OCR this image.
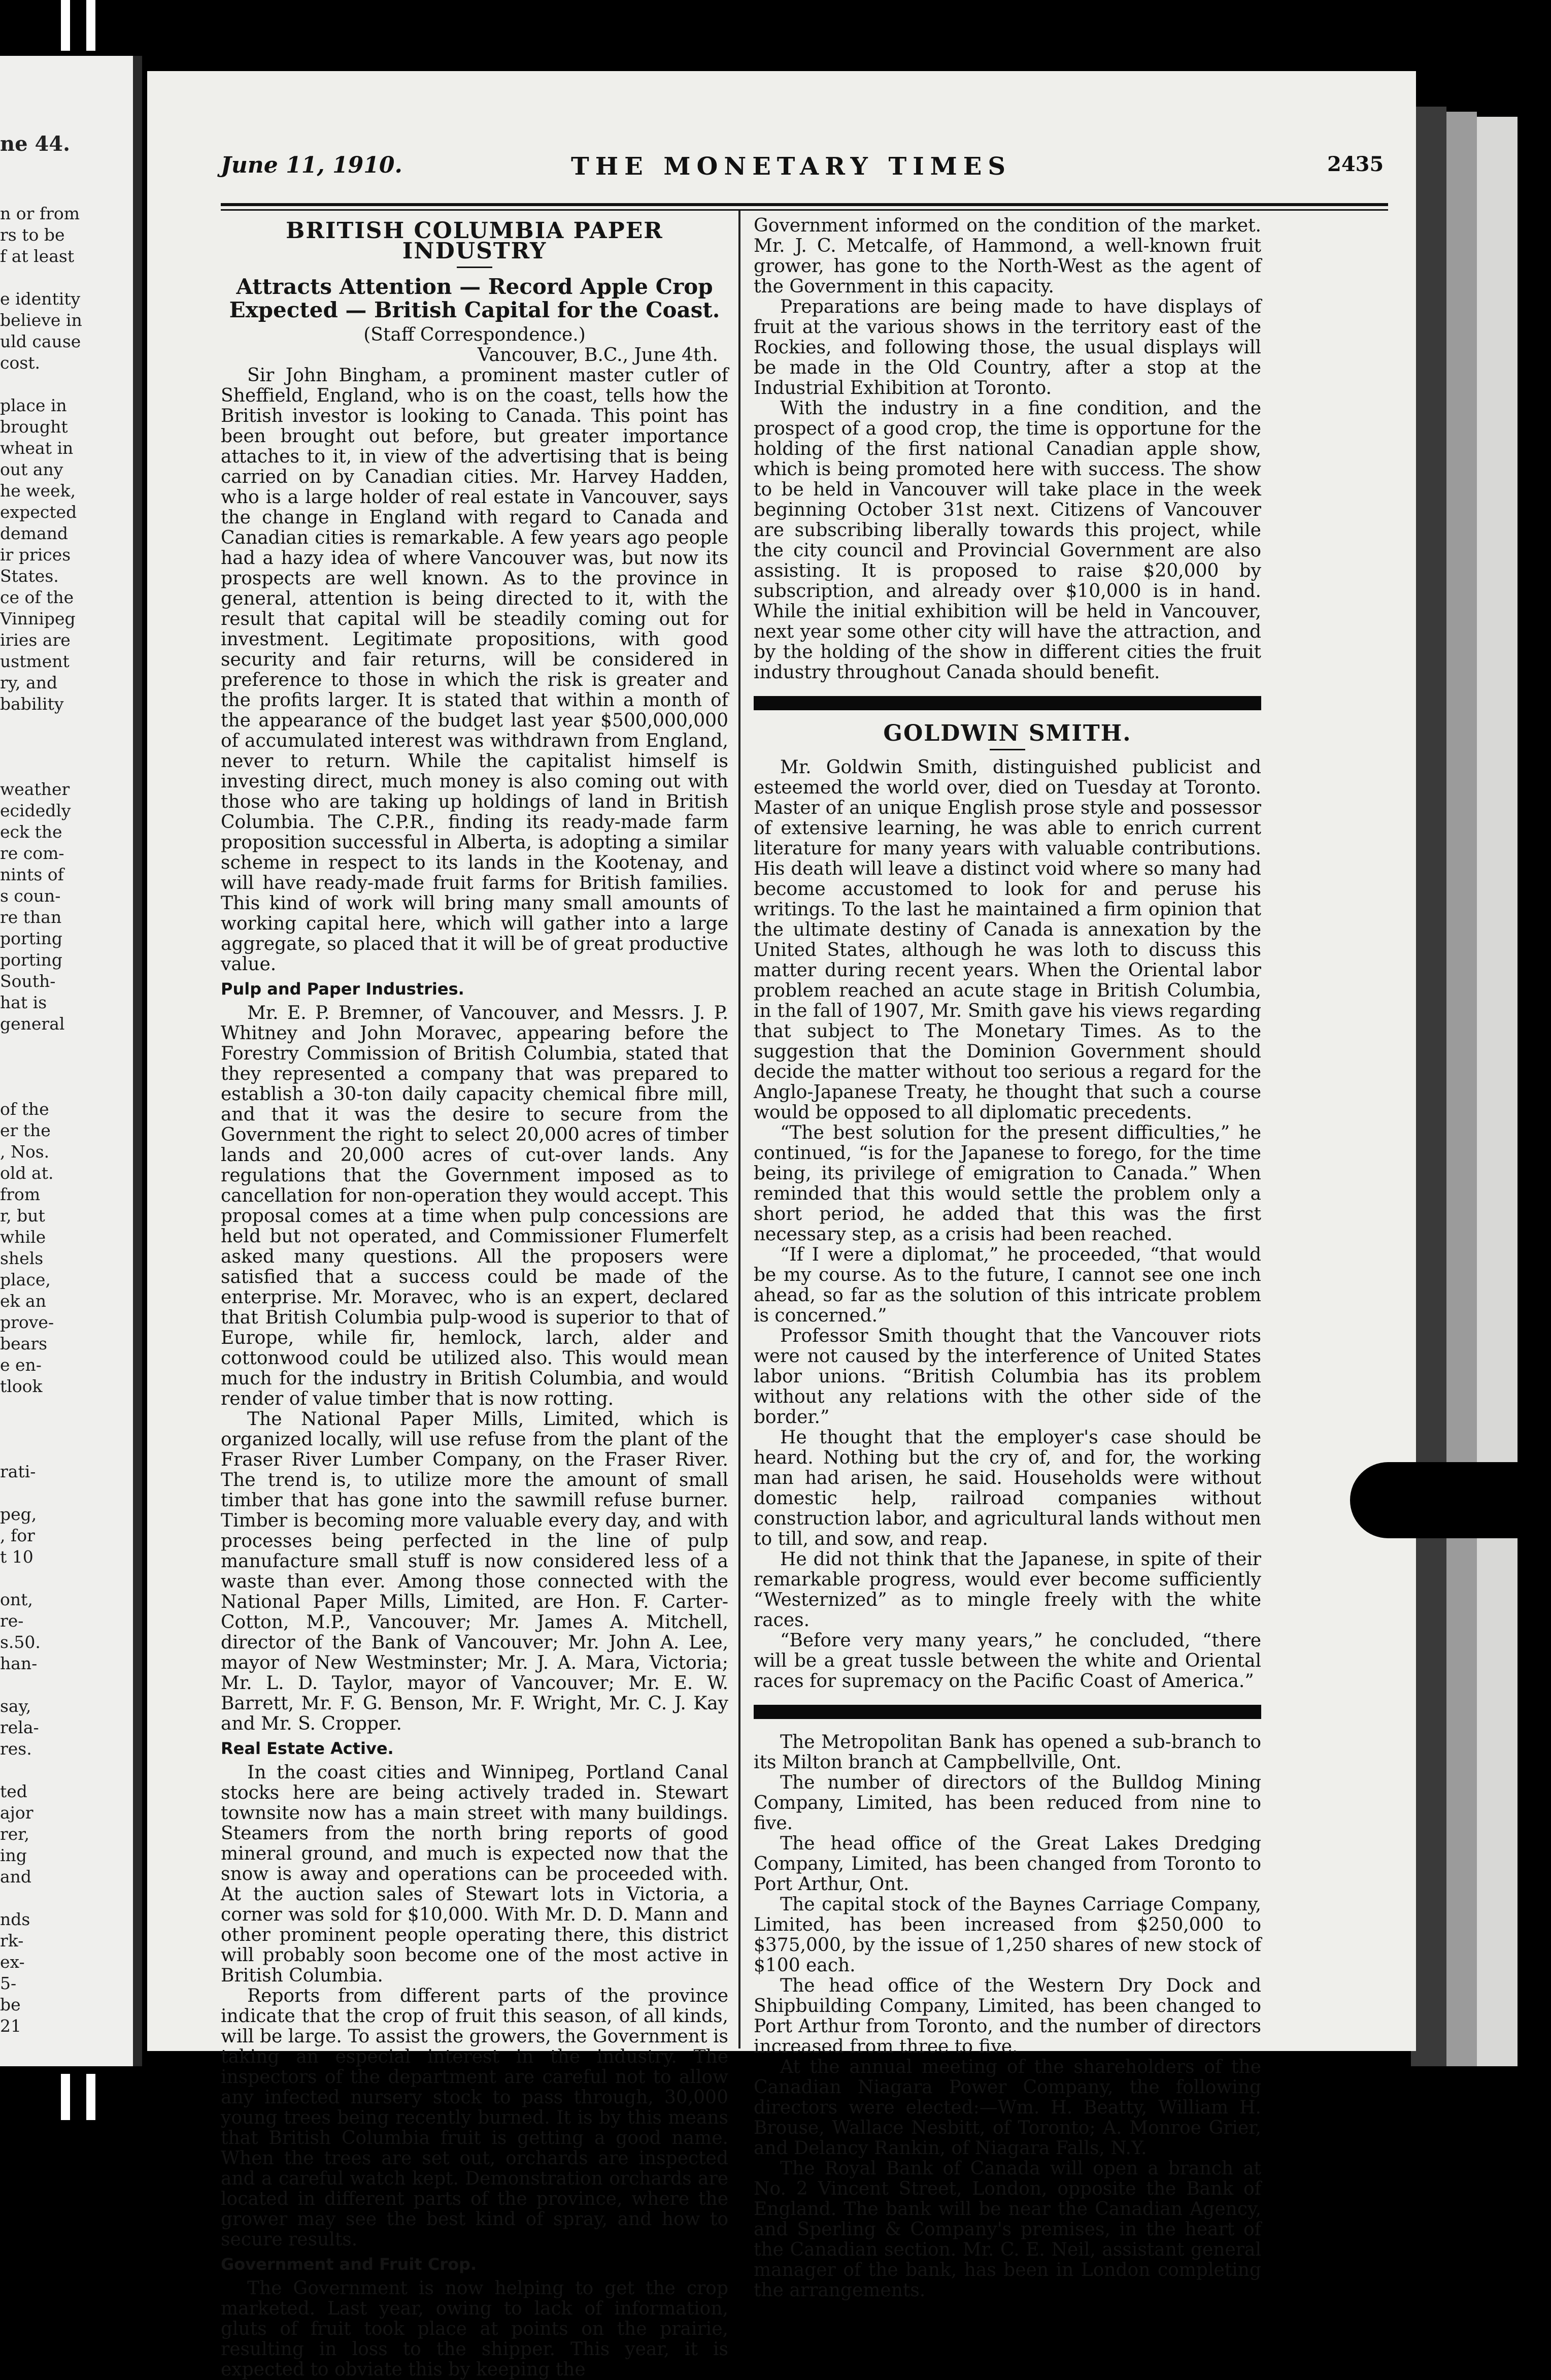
ne 44.
n or from
rs to be
f at least

e identity
believe in
uld cause
cost.

place in
brought
wheat in
out any
he week,
expected
demand
ir prices
States.
ce of the
Vinnipeg
iries are
ustment
ry, and
bability

weather
ecidedly
eck the
re com-
nints of
s coun-
re than
porting
porting
South-
hat is
general

of the
er the
, Nos.
old at.
from
r, but
while
shels
place,
ek an
prove-
bears
e en-
tlook

rati-

peg,
, for
t 10

ont,
re-
s.50.
han-

say,
rela-
res.

ted
ajor
rer,
ing
and

nds
rk-
ex-
5-
be
21
June 11, 1910.	THE MONETARY TIMES	2435
BRITISH COLUMBIA PAPER INDUSTRY
Attracts Attention — Record Apple Crop Expected — British Capital for the Coast.
(Staff Correspondence.)
Vancouver, B.C., June 4th.

Sir John Bingham, a prominent master cutler of Sheffield, England, who is on the coast, tells how the British investor is looking to Canada. This point has been brought out before, but greater importance attaches to it, in view of the advertising that is being carried on by Canadian cities. Mr. Harvey Hadden, who is a large holder of real estate in Vancouver, says the change in England with regard to Canada and Canadian cities is remarkable. A few years ago people had a hazy idea of where Vancouver was, but now its prospects are well known. As to the province in general, attention is being directed to it, with the result that capital will be steadily coming out for investment. Legitimate propositions, with good security and fair returns, will be considered in preference to those in which the risk is greater and the profits larger. It is stated that within a month of the appearance of the budget last year $500,000,000 of accumulated interest was withdrawn from England, never to return. While the capitalist himself is investing direct, much money is also coming out with those who are taking up holdings of land in British Columbia. The C.P.R., finding its ready-made farm proposition successful in Alberta, is adopting a similar scheme in respect to its lands in the Kootenay, and will have ready-made fruit farms for British families. This kind of work will bring many small amounts of working capital here, which will gather into a large aggregate, so placed that it will be of great productive value.

Pulp and Paper Industries.

Mr. E. P. Bremner, of Vancouver, and Messrs. J. P. Whitney and John Moravec, appearing before the Forestry Commission of British Columbia, stated that they represented a company that was prepared to establish a 30-ton daily capacity chemical fibre mill, and that it was the desire to secure from the Government the right to select 20,000 acres of timber lands and 20,000 acres of cut-over lands. Any regulations that the Government imposed as to cancellation for non-operation they would accept. This proposal comes at a time when pulp concessions are held but not operated, and Commissioner Flumerfelt asked many questions. All the proposers were satisfied that a success could be made of the enterprise. Mr. Moravec, who is an expert, declared that British Columbia pulp-wood is superior to that of Europe, while fir, hemlock, larch, alder and cottonwood could be utilized also. This would mean much for the industry in British Columbia, and would render of value timber that is now rotting.

The National Paper Mills, Limited, which is organized locally, will use refuse from the plant of the Fraser River Lumber Company, on the Fraser River. The trend is, to utilize more the amount of small timber that has gone into the sawmill refuse burner. Timber is becoming more valuable every day, and with processes being perfected in the line of pulp manufacture small stuff is now considered less of a waste than ever. Among those connected with the National Paper Mills, Limited, are Hon. F. Carter-Cotton, M.P., Vancouver; Mr. James A. Mitchell, director of the Bank of Vancouver; Mr. John A. Lee, mayor of New Westminster; Mr. J. A. Mara, Victoria; Mr. L. D. Taylor, mayor of Vancouver; Mr. E. W. Barrett, Mr. F. G. Benson, Mr. F. Wright, Mr. C. J. Kay and Mr. S. Cropper.

Real Estate Active.

In the coast cities and Winnipeg, Portland Canal stocks here are being actively traded in. Stewart townsite now has a main street with many buildings. Steamers from the north bring reports of good mineral ground, and much is expected now that the snow is away and operations can be proceeded with. At the auction sales of Stewart lots in Victoria, a corner was sold for $10,000. With Mr. D. D. Mann and other prominent people operating there, this district will probably soon become one of the most active in British Columbia.

Reports from different parts of the province indicate that the crop of fruit this season, of all kinds, will be large. To assist the growers, the Government is taking an especial interest in the industry. The inspectors of the department are careful not to allow any infected nursery stock to pass through, 30,000 young trees being recently burned. It is by this means that British Columbia fruit is getting a good name. When the trees are set out, orchards are inspected and a careful watch kept. Demonstration orchards are located in different parts of the province, where the grower may see the best kind of spray, and how to secure results.

Government and Fruit Crop.

The Government is now helping to get the crop marketed. Last year, owing to lack of information, gluts of fruit took place at points on the prairie, resulting in loss to the shipper. This year, it is expected to obviate this by keeping the

Government informed on the condition of the market. Mr. J. C. Metcalfe, of Hammond, a well-known fruit grower, has gone to the North-West as the agent of the Government in this capacity.

Preparations are being made to have displays of fruit at the various shows in the territory east of the Rockies, and following those, the usual displays will be made in the Old Country, after a stop at the Industrial Exhibition at Toronto.

With the industry in a fine condition, and the prospect of a good crop, the time is opportune for the holding of the first national Canadian apple show, which is being promoted here with success. The show to be held in Vancouver will take place in the week beginning October 31st next. Citizens of Vancouver are subscribing liberally towards this project, while the city council and Provincial Government are also assisting. It is proposed to raise $20,000 by subscription, and already over $10,000 is in hand. While the initial exhibition will be held in Vancouver, next year some other city will have the attraction, and by the holding of the show in different cities the fruit industry throughout Canada should benefit.

GOLDWIN SMITH.

Mr. Goldwin Smith, distinguished publicist and esteemed the world over, died on Tuesday at Toronto. Master of an unique English prose style and possessor of extensive learning, he was able to enrich current literature for many years with valuable contributions. His death will leave a distinct void where so many had become accustomed to look for and peruse his writings. To the last he maintained a firm opinion that the ultimate destiny of Canada is annexation by the United States, although he was loth to discuss this matter during recent years. When the Oriental labor problem reached an acute stage in British Columbia, in the fall of 1907, Mr. Smith gave his views regarding that subject to The Monetary Times. As to the suggestion that the Dominion Government should decide the matter without too serious a regard for the Anglo-Japanese Treaty, he thought that such a course would be opposed to all diplomatic precedents.

“The best solution for the present difficulties,” he continued, “is for the Japanese to forego, for the time being, its privilege of emigration to Canada.” When reminded that this would settle the problem only a short period, he added that this was the first necessary step, as a crisis had been reached.

“If I were a diplomat,” he proceeded, “that would be my course. As to the future, I cannot see one inch ahead, so far as the solution of this intricate problem is concerned.”

Professor Smith thought that the Vancouver riots were not caused by the interference of United States labor unions. “British Columbia has its problem without any relations with the other side of the border.”

He thought that the employer's case should be heard. Nothing but the cry of, and for, the working man had arisen, he said. Households were without domestic help, railroad companies without construction labor, and agricultural lands without men to till, and sow, and reap.

He did not think that the Japanese, in spite of their remarkable progress, would ever become sufficiently “Westernized” as to mingle freely with the white races.

“Before very many years,” he concluded, “there will be a great tussle between the white and Oriental races for supremacy on the Pacific Coast of America.”

The Metropolitan Bank has opened a sub-branch to its Milton branch at Campbellville, Ont.

The number of directors of the Bulldog Mining Company, Limited, has been reduced from nine to five.

The head office of the Great Lakes Dredging Company, Limited, has been changed from Toronto to Port Arthur, Ont.

The capital stock of the Baynes Carriage Company, Limited, has been increased from $250,000 to $375,000, by the issue of 1,250 shares of new stock of $100 each.

The head office of the Western Dry Dock and Shipbuilding Company, Limited, has been changed to Port Arthur from Toronto, and the number of directors increased from three to five.

At the annual meeting of the shareholders of the Canadian Niagara Power Company, the following directors were elected:—Wm. H. Beatty, William H. Brouse, Wallace Nesbitt, of Toronto; A. Monroe Grier, and Delancy Rankin, of Niagara Falls, N.Y.

The Royal Bank of Canada will open a branch at No. 2 Vincent Street, London, opposite the Bank of England. The bank will be near the Canadian Agency, and Sperling & Company's premises, in the heart of the Canadian section. Mr. C. E. Neil, assistant general manager of the bank, has been in London completing the arrangements.
